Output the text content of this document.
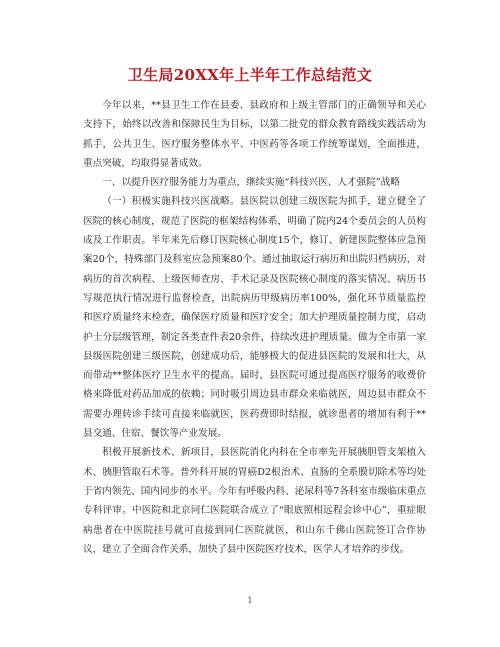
卫生局20XX年上半年工作总结范文

今年以来，**县卫生工作在县委、县政府和上级主管部门的正确领导和关心支持下，始终以改善和保障民生为目标，以第二批党的群众教育路线实践活动为抓手，公共卫生、医疗服务整体水平、中医药等各项工作统筹谋划，全面推进，重点突破，均取得显著成效。

一、以提升医疗服务能力为重点，继续实施“科技兴医、人才强院”战略

（一）积极实施科技兴医战略。县医院以创建三级医院为抓手，建立健全了医院的核心制度，规范了医院的框架结构体系，明确了院内24个委员会的人员构成及工作职责。半年来先后修订医院核心制度15个，修订、新建医院整体应急预案20个，特殊部门及科室应急预案80个。通过抽取运行病历和出院归档病历，对病历的首次病程、上级医师查房、手术记录及医院核心制度的落实情况、病历书写规范执行情况进行监督检查，出院病历甲级病历率100%，强化环节质量监控和医疗质量终末检查，确保医疗质量和医疗安全；加大护理质量控制力度，启动护士分层级管理，制定各类查件表20余件，持续改进护理质量。做为全市第一家县级医院创建三级医院，创建成功后，能够极大的促进县医院的发展和壮大，从而带动**整体医疗卫生水平的提高。届时，县医院可通过提高医疗服务的收费价格来降低对药品加成的依赖；同时吸引周边县市群众来临就医，周边县市群众不需要办理转诊手续可直接来临就医，医药费即时结报，就诊患者的增加有利于**县交通、住宿、餐饮等产业发展。

积极开展新技术、新项目，县医院消化内科在全市率先开展胰胆管支架植入术、胰胆管取石术等。普外科开展的胃癌D2根治术、直肠的全系膜切除术等均处于省内领先、国内同步的水平。今年有呼吸内科、泌尿科等7各科室市级临床重点专科评审。中医院和北京同仁医院联合成立了“眼底照相远程会诊中心”，重症眼病患者在中医院挂号就可直接到同仁医院就医，和山东千佛山医院签订合作协议，建立了全面合作关系，加快了县中医院医疗技术，医学人才培养的步伐。

1
